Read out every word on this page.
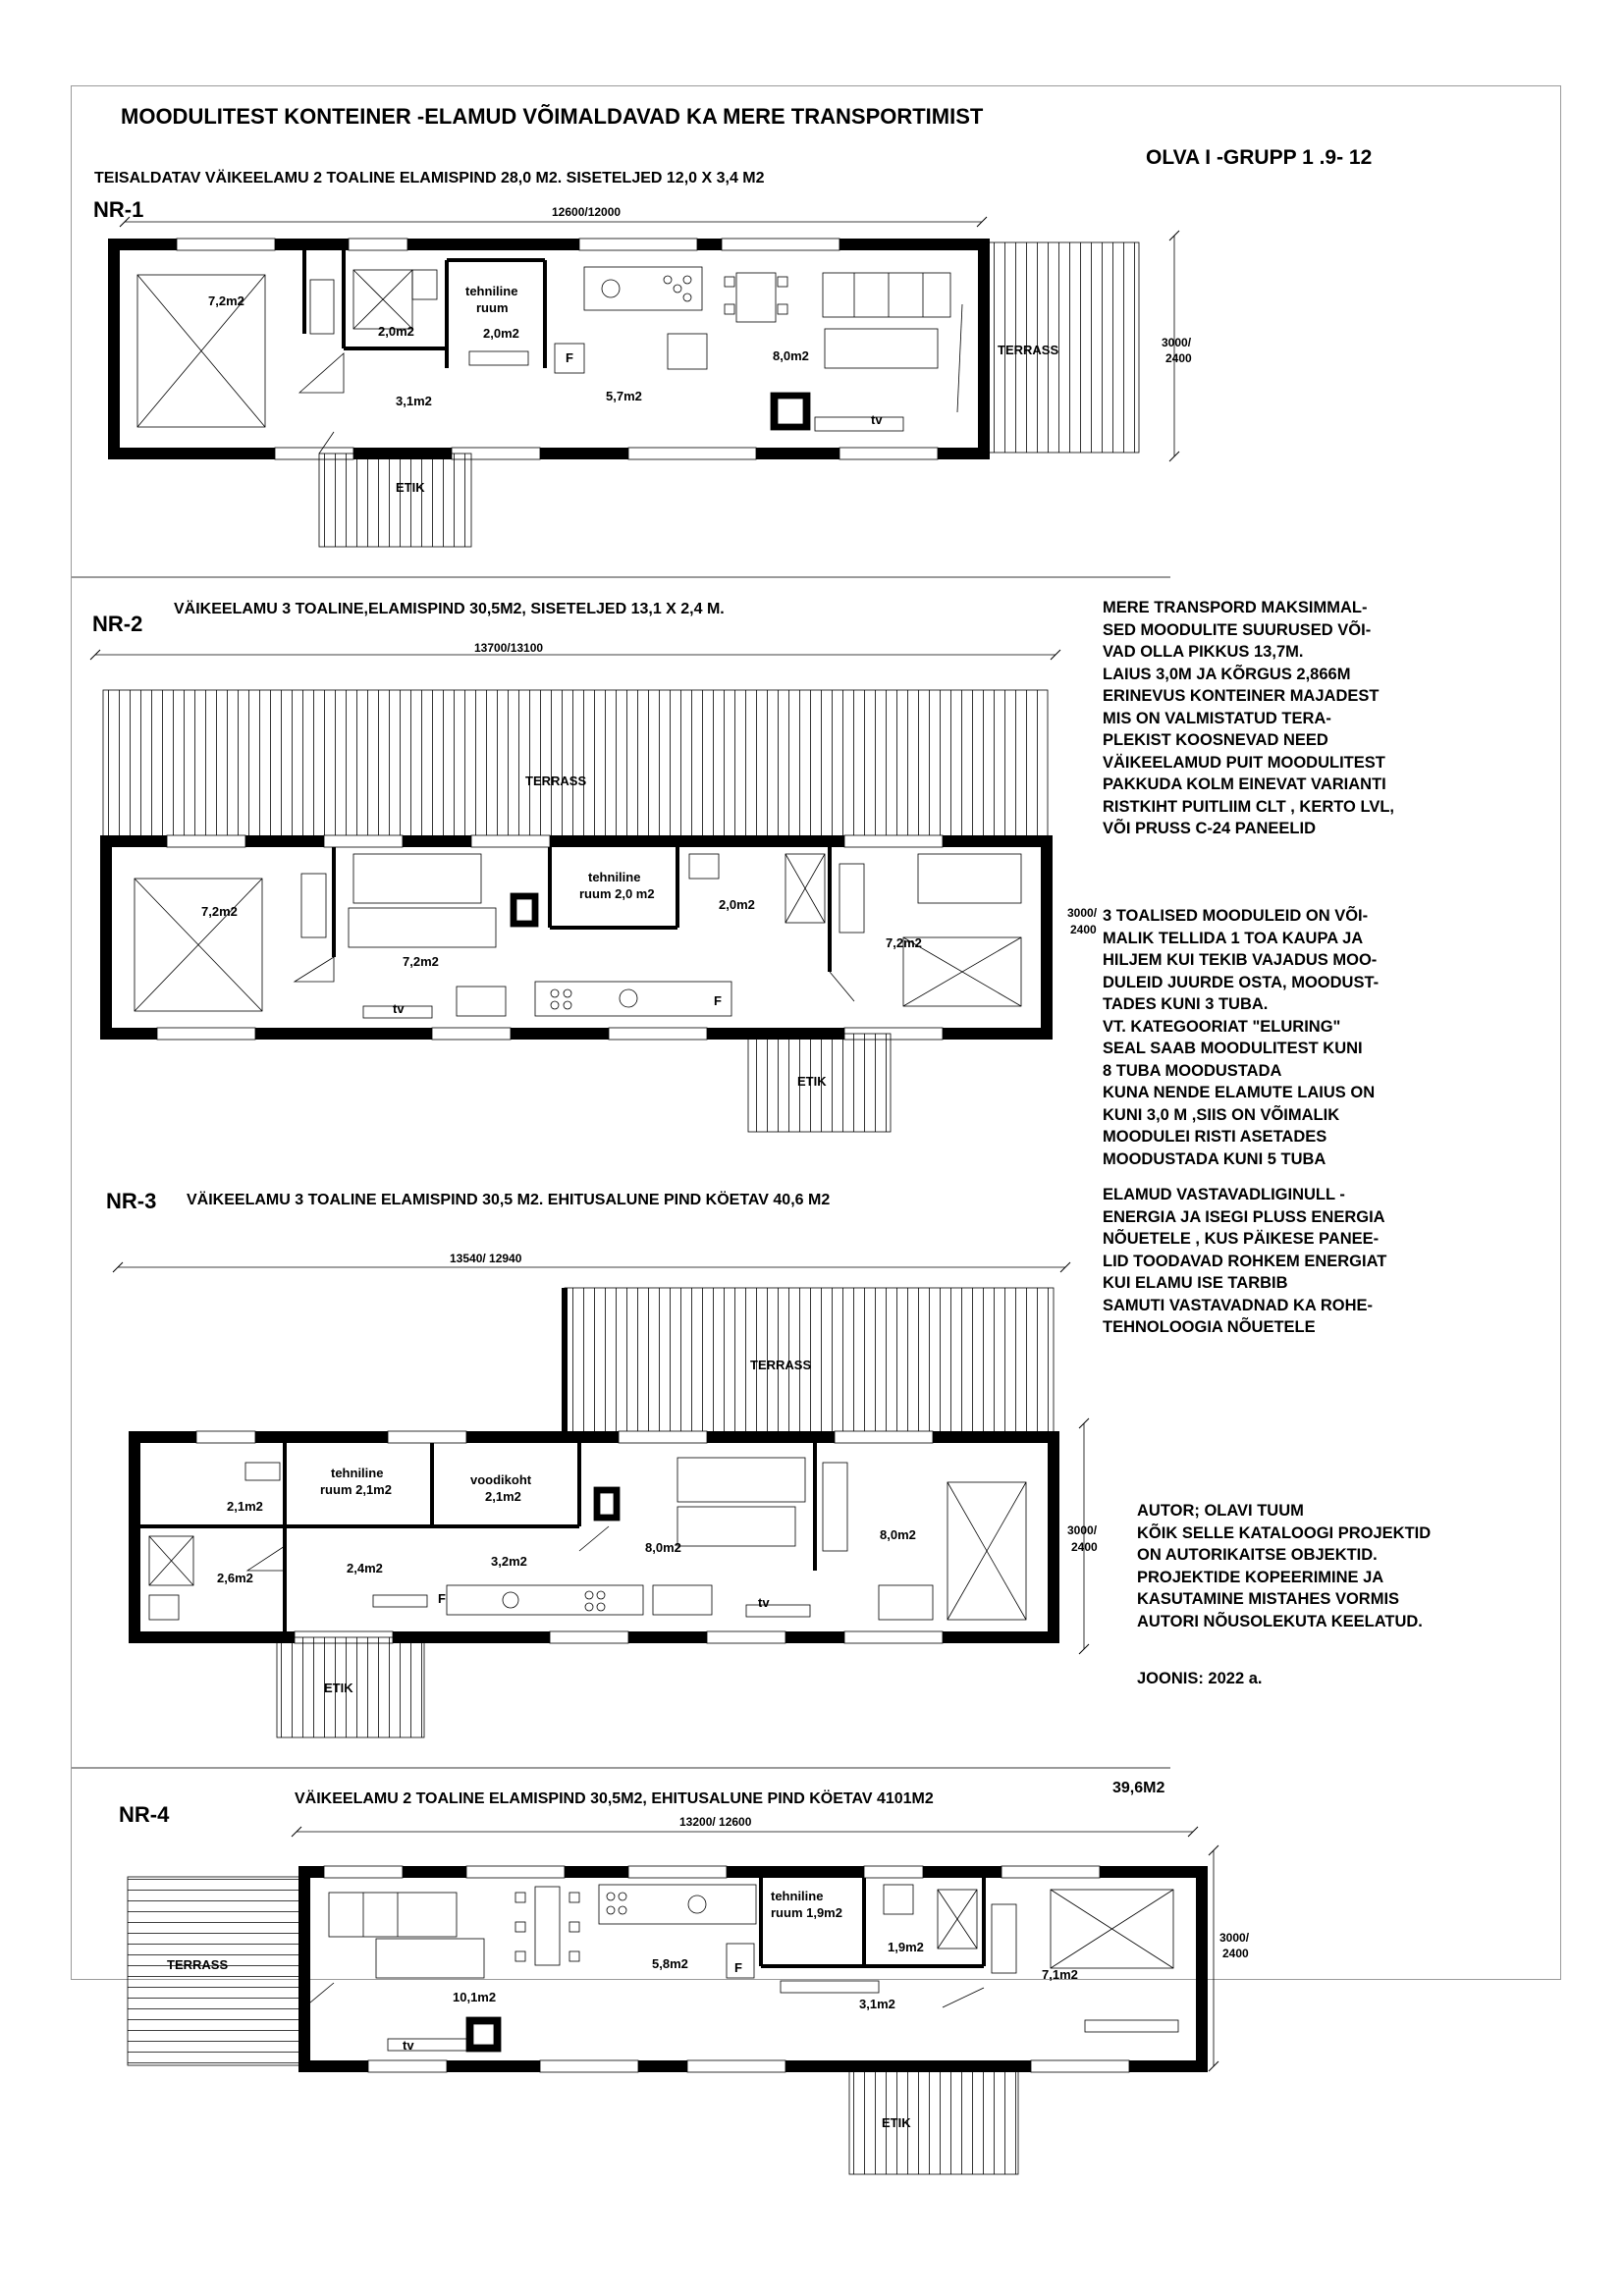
MOODULITEST KONTEINER -ELAMUD VÕIMALDAVAD KA MERE TRANSPORTIMIST
OLVA I -GRUPP 1 .9- 12
TEISALDATAV VÄIKEELAMU 2 TOALINE ELAMISPIND 28,0 M2. SISETELJED 12,0 X 3,4 M2
NR-1	12600/12000
NR-2
VÄIKEELAMU 3 TOALINE,ELAMISPIND 30,5M2, SISETELJED 13,1 X 2,4 M.
13700/13100
NR-3 VÄIKEELAMU 3 TOALINE ELAMISPIND 30,5 M2. EHITUSALUNE PIND KÖETAV 40,6 M2
13540/ 12940
NR-4
VÄIKEELAMU 2 TOALINE ELAMISPIND 30,5M2, EHITUSALUNE PIND KÖETAV 4101M2
39,6M2
13200/ 12600
7,2m2
2,0m2
tehniline
ruum
2,0m2
3,1m2	5,7m2
8,0m2	TERRASS
ETIK
F
tv
3000/
2400
TERRASS
7,2m2
7,2m2
tehniline
ruum 2,0 m2
2,0m2
7,2m2
ETIK
F
tv
3000/
2400
TERRASS
2,1m2
tehniline
ruum 2,1m2
voodikoht
2,1m2
2,6m2
2,4m2	3,2m2
8,0m2
8,0m2
ETIK
F	tv
3000/
2400
TERRASS
10,1m2
5,8m2
tehniline
ruum 1,9m2
1,9m2
3,1m2
7,1m2
ETIK
F
tv
3000/
2400
MERE TRANSPORD MAKSIMMAL-
SED MOODULITE SUURUSED VÕI-
VAD OLLA PIKKUS 13,7M.
LAIUS 3,0M JA KÕRGUS 2,866M
ERINEVUS KONTEINER MAJADEST
MIS ON VALMISTATUD TERA-
PLEKIST KOOSNEVAD NEED
VÄIKEELAMUD PUIT MOODULITEST
PAKKUDA KOLM EINEVAT VARIANTI
RISTKIHT PUITLIIM CLT , KERTO LVL,
VÕI PRUSS C-24 PANEELID
3 TOALISED MOODULEID ON VÕI-
MALIK TELLIDA 1 TOA KAUPA JA
HILJEM KUI TEKIB VAJADUS MOO-
DULEID JUURDE OSTA, MOODUST-
TADES KUNI 3 TUBA.
VT. KATEGOORIAT "ELURING"
SEAL SAAB MOODULITEST KUNI
8 TUBA MOODUSTADA
KUNA NENDE ELAMUTE LAIUS ON
KUNI 3,0 M ,SIIS ON VÕIMALIK
MOODULEI RISTI ASETADES
MOODUSTADA KUNI 5 TUBA
ELAMUD VASTAVADLIGINULL -
ENERGIA JA ISEGI PLUSS ENERGIA
NÕUETELE , KUS PÄIKESE PANEE-
LID TOODAVAD ROHKEM ENERGIAT
KUI ELAMU ISE TARBIB
SAMUTI VASTAVADNAD KA ROHE-
TEHNOLOOGIA NÕUETELE
AUTOR; OLAVI TUUM
KÕIK SELLE KATALOOGI PROJEKTID
ON AUTORIKAITSE OBJEKTID.
PROJEKTIDE KOPEERIMINE JA
KASUTAMINE MISTAHES VORMIS
AUTORI NÕUSOLEKUTA KEELATUD.
JOONIS: 2022 a.
